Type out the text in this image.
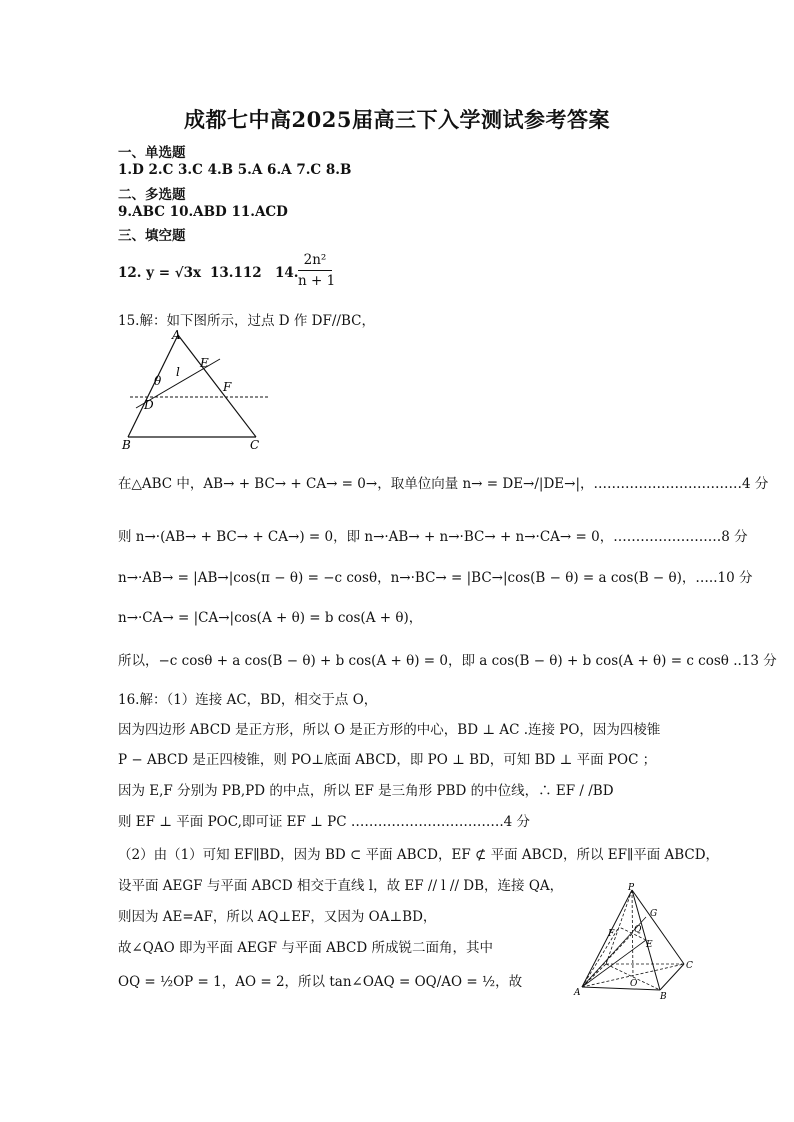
成都七中高2025届高三下入学测试参考答案
一、单选题
1.D 2.C 3.C 4.B 5.A 6.A 7.C 8.B
二、多选题
9.ABC 10.ABD 11.ACD
三、填空题
12. y = √3x 13.112 14.
2n²
n + 1
15.解：如下图所示，过点 D 作 DF//BC，
A
E
l
θ	F
D
B	C
在△ABC 中，AB→ + BC→ + CA→ = 0→，取单位向量 n→ = DE→/|DE→|，……………………………4 分
则 n→·(AB→ + BC→ + CA→) = 0，即 n→·AB→ + n→·BC→ + n→·CA→ = 0，……………………8 分
n→·AB→ = |AB→|cos(π − θ) = −c cosθ，n→·BC→ = |BC→|cos(B − θ) = a cos(B − θ)，…..10 分
n→·CA→ = |CA→|cos(A + θ) = b cos(A + θ)，
所以，−c cosθ + a cos(B − θ) + b cos(A + θ) = 0，即 a cos(B − θ) + b cos(A + θ) = c cosθ ..13 分
16.解：（1）连接 AC，BD，相交于点 O，
因为四边形 ABCD 是正方形，所以 O 是正方形的中心，BD ⊥ AC .连接 PO，因为四棱锥
P − ABCD 是正四棱锥，则 PO⊥底面 ABCD，即 PO ⊥ BD，可知 BD ⊥ 平面 POC ；
因为 E,F 分别为 PB,PD 的中点，所以 EF 是三角形 PBD 的中位线，∴ EF / /BD
则 EF ⊥ 平面 POC,即可证 EF ⊥ PC …………………………….4 分
（2）由（1）可知 EF∥BD，因为 BD ⊂ 平面 ABCD，EF ⊄ 平面 ABCD，所以 EF∥平面 ABCD，
设平面 AEGF 与平面 ABCD 相交于直线 l，故 EF // l // DB，连接 QA，
则因为 AE=AF，所以 AQ⊥EF，又因为 OA⊥BD，
故∠QAO 即为平面 AEGF 与平面 ABCD 所成锐二面角，其中
OQ = ½OP = 1，AO = 2，所以 tan∠OAQ = OQ/AO = ½，故
P
G
Q
E
F
C
O
A	B
